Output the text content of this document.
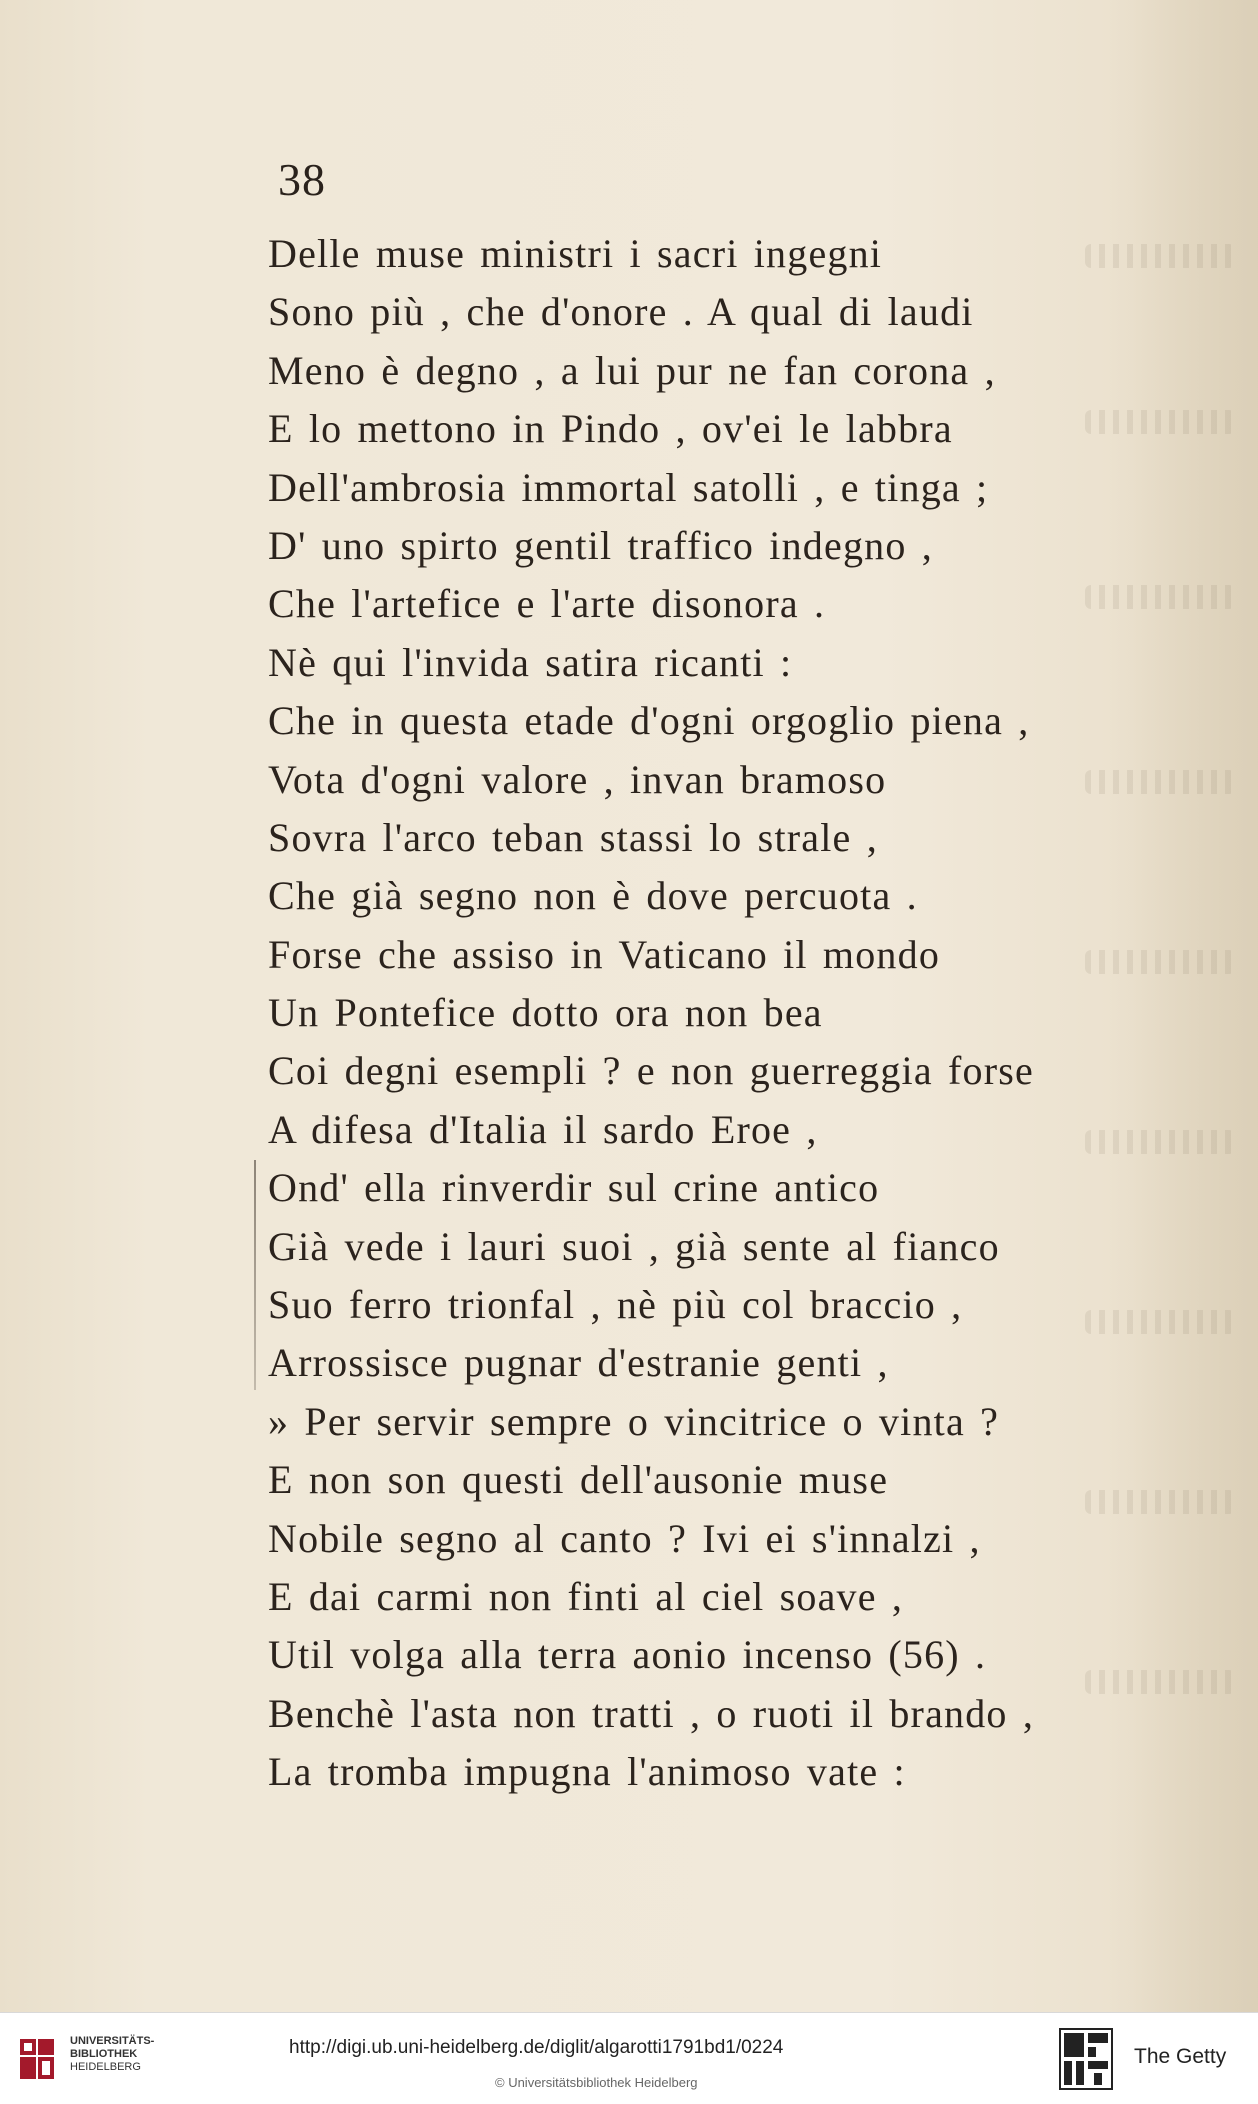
38
Delle muse ministri i sacri ingegni
Sono più , che d'onore . A qual di laudi
Meno è degno , a lui pur ne fan corona ,
E lo mettono in Pindo , ov'ei le labbra
Dell'ambrosia immortal satolli , e tinga ;
D' uno spirto gentil traffico indegno ,
Che l'artefice e l'arte disonora .
Nè qui l'invida satira ricanti :
Che in questa etade d'ogni orgoglio piena ,
Vota d'ogni valore , invan bramoso
Sovra l'arco teban stassi lo strale ,
Che già segno non è dove percuota .
Forse che assiso in Vaticano il mondo
Un Pontefice dotto ora non bea
Coi degni esempli ? e non guerreggia forse
A difesa d'Italia il sardo Eroe ,
Ond' ella rinverdir sul crine antico
Già vede i lauri suoi , già sente al fianco
Suo ferro trionfal , nè più col braccio ,
Arrossisce pugnar d'estranie genti ,
» Per servir sempre o vincitrice o vinta ?
E non son questi dell'ausonie muse
Nobile segno al canto ? Ivi ei s'innalzi ,
E dai carmi non finti al ciel soave ,
Util volga alla terra aonio incenso (56) .
Benchè l'asta non tratti , o ruoti il brando ,
La tromba impugna l'animoso vate :
UNIVERSITÄTS-
BIBLIOTHEK
HEIDELBERG
http://digi.ub.uni-heidelberg.de/diglit/algarotti1791bd1/0224
© Universitätsbibliothek Heidelberg
The Getty
